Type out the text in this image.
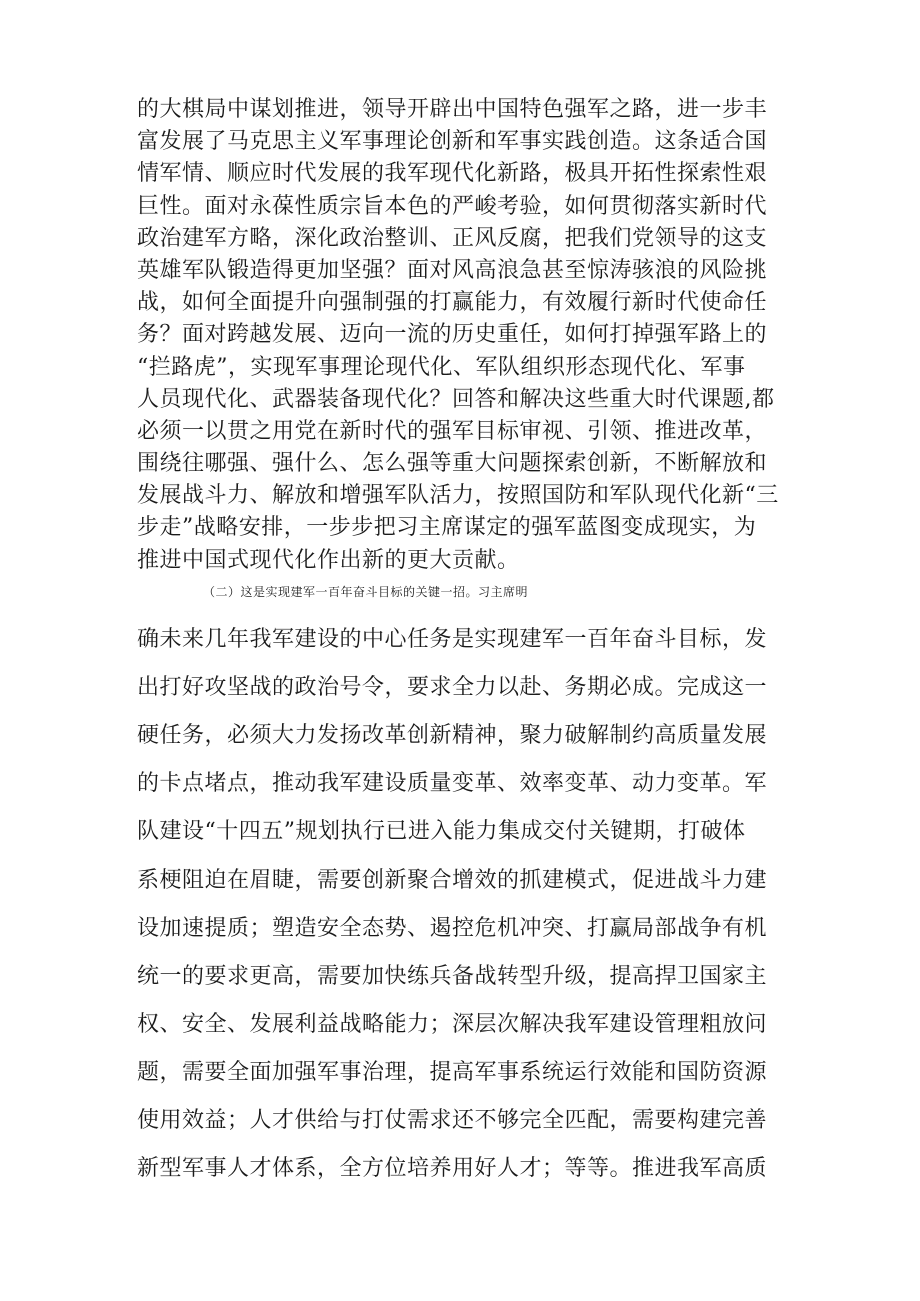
的大棋局中谋划推进，领导开辟出中国特色强军之路，进一步丰
富发展了马克思主义军事理论创新和军事实践创造。这条适合国
情军情、顺应时代发展的我军现代化新路，极具开拓性探索性艰
巨性。面对永葆性质宗旨本色的严峻考验，如何贯彻落实新时代
政治建军方略，深化政治整训、正风反腐，把我们党领导的这支
英雄军队锻造得更加坚强？面对风高浪急甚至惊涛骇浪的风险挑
战，如何全面提升向强制强的打赢能力，有效履行新时代使命任
务？面对跨越发展、迈向一流的历史重任，如何打掉强军路上的
“拦路虎”，实现军事理论现代化、军队组织形态现代化、军事
人员现代化、武器装备现代化？回答和解决这些重大时代课题,都
必须一以贯之用党在新时代的强军目标审视、引领、推进改革，
围绕往哪强、强什么、怎么强等重大问题探索创新，不断解放和
发展战斗力、解放和增强军队活力，按照国防和军队现代化新“三
步走”战略安排，一步步把习主席谋定的强军蓝图变成现实，为
推进中国式现代化作出新的更大贡献。
（二）这是实现建军一百年奋斗目标的关键一招。习主席明
确未来几年我军建设的中心任务是实现建军一百年奋斗目标，发
出打好攻坚战的政治号令，要求全力以赴、务期必成。完成这一
硬任务，必须大力发扬改革创新精神，聚力破解制约高质量发展
的卡点堵点，推动我军建设质量变革、效率变革、动力变革。军
队建设“十四五”规划执行已进入能力集成交付关键期，打破体
系梗阻迫在眉睫，需要创新聚合增效的抓建模式，促进战斗力建
设加速提质；塑造安全态势、遏控危机冲突、打赢局部战争有机
统一的要求更高，需要加快练兵备战转型升级，提高捍卫国家主
权、安全、发展利益战略能力；深层次解决我军建设管理粗放问
题，需要全面加强军事治理，提高军事系统运行效能和国防资源
使用效益；人才供给与打仗需求还不够完全匹配，需要构建完善
新型军事人才体系，全方位培养用好人才；等等。推进我军高质
